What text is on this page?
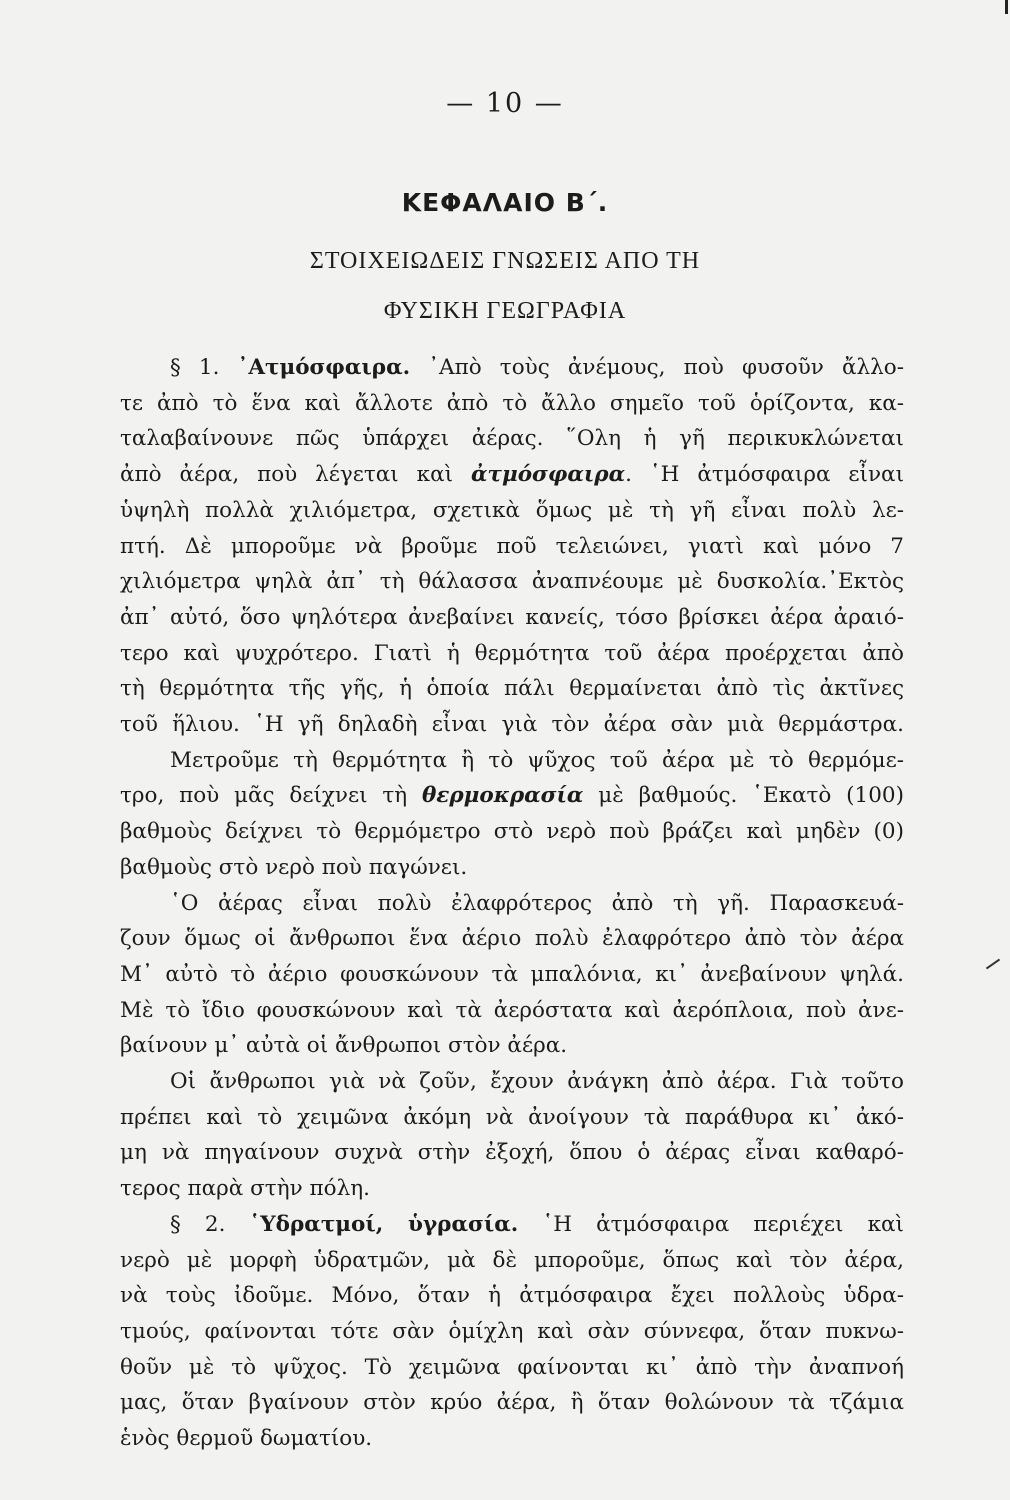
— 10 —
ΚΕΦΑΛΑΙΟ Β΄.
ΣΤΟΙΧΕΙΩΔΕΙΣ ΓΝΩΣΕΙΣ ΑΠΟ ΤΗ
ΦΥΣΙΚΗ ΓΕΩΓΡΑΦΙΑ
§ 1. ᾿Ατμόσφαιρα. ᾿Απὸ τοὺς ἀνέμους, ποὺ φυσοῦν ἄλλο-
τε ἀπὸ τὸ ἕνα καὶ ἄλλοτε ἀπὸ τὸ ἄλλο σημεῖο τοῦ ὁρίζοντα, κα-
ταλαβαίνουνε πῶς ὑπάρχει ἀέρας. ῞Ολη ἡ γῆ περικυκλώνεται
ἀπὸ ἀέρα, ποὺ λέγεται καὶ ἀτμόσφαιρα. ῾Η ἀτμόσφαιρα εἶναι
ὑψηλὴ πολλὰ χιλιόμετρα, σχετικὰ ὅμως μὲ τὴ γῆ εἶναι πολὺ λε-
πτή. Δὲ μποροῦμε νὰ βροῦμε ποῦ τελειώνει, γιατὶ καὶ μόνο 7
χιλιόμετρα ψηλὰ ἀπ᾿ τὴ θάλασσα ἀναπνέουμε μὲ δυσκολία.᾿Εκτὸς
ἀπ᾿ αὐτό, ὅσο ψηλότερα ἀνεβαίνει κανείς, τόσο βρίσκει ἀέρα ἀραιό-
τερο καὶ ψυχρότερο. Γιατὶ ἡ θερμότητα τοῦ ἀέρα προέρχεται ἀπὸ
τὴ θερμότητα τῆς γῆς, ἡ ὁποία πάλι θερμαίνεται ἀπὸ τὶς ἀκτῖνες
τοῦ ἥλιου. ῾Η γῆ δηλαδὴ εἶναι γιὰ τὸν ἀέρα σὰν μιὰ θερμάστρα.
Μετροῦμε τὴ θερμότητα ἢ τὸ ψῦχος τοῦ ἀέρα μὲ τὸ θερμόμε-
τρο, ποὺ μᾶς δείχνει τὴ θερμοκρασία μὲ βαθμούς. ῾Εκατὸ (100)
βαθμοὺς δείχνει τὸ θερμόμετρο στὸ νερὸ ποὺ βράζει καὶ μηδὲν (0)
βαθμοὺς στὸ νερὸ ποὺ παγώνει.
῾Ο ἀέρας εἶναι πολὺ ἐλαφρότερος ἀπὸ τὴ γῆ. Παρασκευά-
ζουν ὅμως οἱ ἄνθρωποι ἕνα ἀέριο πολὺ ἐλαφρότερο ἀπὸ τὸν ἀέρα
Μ᾿ αὐτὸ τὸ ἀέριο φουσκώνουν τὰ μπαλόνια, κι᾿ ἀνεβαίνουν ψηλά.
Μὲ τὸ ἴδιο φουσκώνουν καὶ τὰ ἀερόστατα καὶ ἀερόπλοια, ποὺ ἀνε-
βαίνουν μ᾿ αὐτὰ οἱ ἄνθρωποι στὸν ἀέρα.
Οἱ ἄνθρωποι γιὰ νὰ ζοῦν, ἔχουν ἀνάγκη ἀπὸ ἀέρα. Γιὰ τοῦτο
πρέπει καὶ τὸ χειμῶνα ἀκόμη νὰ ἀνοίγουν τὰ παράθυρα κι᾿ ἀκό-
μη νὰ πηγαίνουν συχνὰ στὴν ἐξοχή, ὅπου ὁ ἀέρας εἶναι καθαρό-
τερος παρὰ στὴν πόλη.
§ 2. ῾Υδρατμοί, ὑγρασία. ῾Η ἀτμόσφαιρα περιέχει καὶ
νερὸ μὲ μορφὴ ὑδρατμῶν, μὰ δὲ μποροῦμε, ὅπως καὶ τὸν ἀέρα,
νὰ τοὺς ἰδοῦμε. Μόνο, ὅταν ἡ ἀτμόσφαιρα ἔχει πολλοὺς ὑδρα-
τμούς, φαίνονται τότε σὰν ὁμίχλη καὶ σὰν σύννεφα, ὅταν πυκνω-
θοῦν μὲ τὸ ψῦχος. Τὸ χειμῶνα φαίνονται κι᾿ ἀπὸ τὴν ἀναπνοή
μας, ὅταν βγαίνουν στὸν κρύο ἀέρα, ἢ ὅταν θολώνουν τὰ τζάμια
ἑνὸς θερμοῦ δωματίου.
